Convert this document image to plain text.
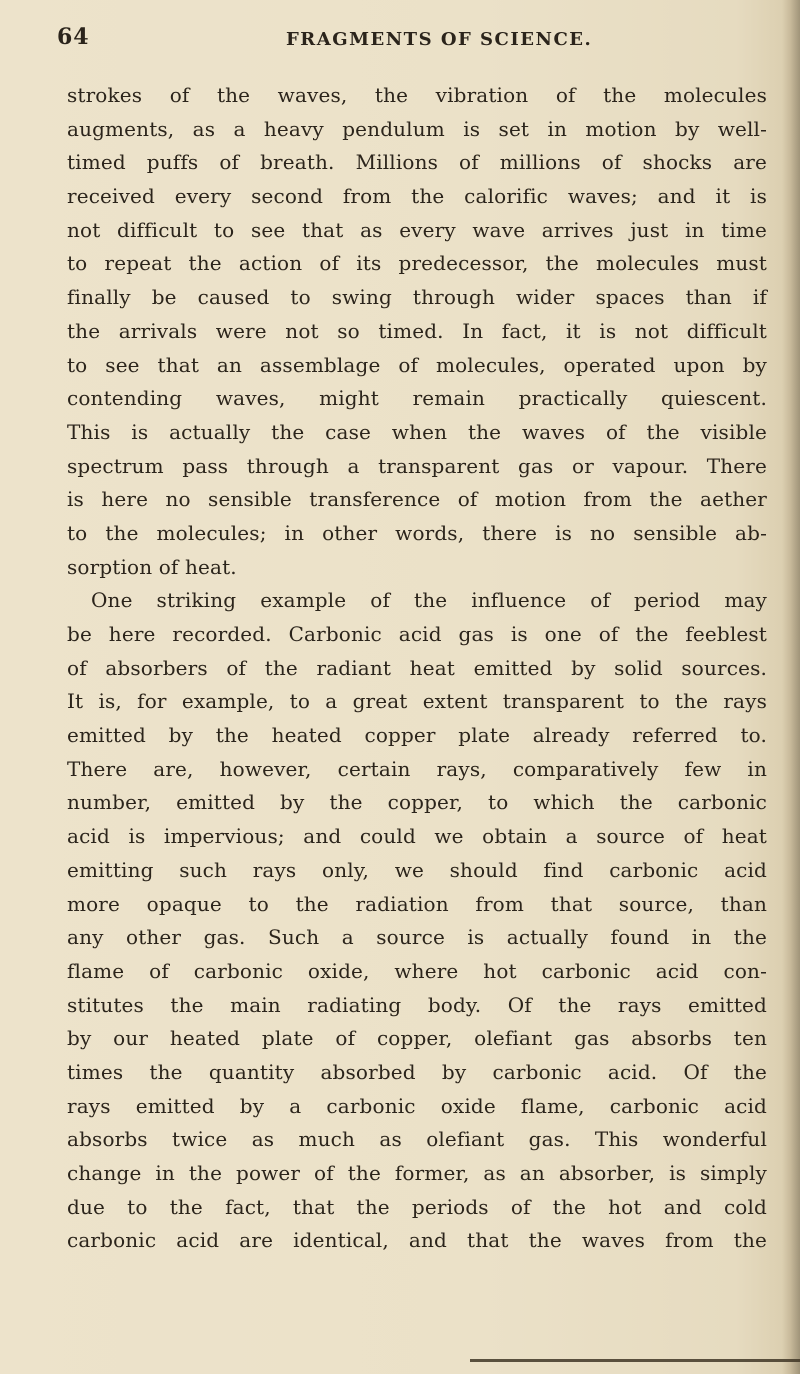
64	FRAGMENTS OF SCIENCE.
strokes of the waves, the vibration of the molecules
augments, as a heavy pendulum is set in motion by well-
timed puffs of breath. Millions of millions of shocks are
received every second from the calorific waves; and it is
not difficult to see that as every wave arrives just in time
to repeat the action of its predecessor, the molecules must
finally be caused to swing through wider spaces than if
the arrivals were not so timed. In fact, it is not difficult
to see that an assemblage of molecules, operated upon by
contending waves, might remain practically quiescent.
This is actually the case when the waves of the visible
spectrum pass through a transparent gas or vapour. There
is here no sensible transference of motion from the aether
to the molecules; in other words, there is no sensible ab-
sorption of heat.
One striking example of the influence of period may
be here recorded. Carbonic acid gas is one of the feeblest
of absorbers of the radiant heat emitted by solid sources.
It is, for example, to a great extent transparent to the rays
emitted by the heated copper plate already referred to.
There are, however, certain rays, comparatively few in
number, emitted by the copper, to which the carbonic
acid is impervious; and could we obtain a source of heat
emitting such rays only, we should find carbonic acid
more opaque to the radiation from that source, than
any other gas. Such a source is actually found in the
flame of carbonic oxide, where hot carbonic acid con-
stitutes the main radiating body. Of the rays emitted
by our heated plate of copper, olefiant gas absorbs ten
times the quantity absorbed by carbonic acid. Of the
rays emitted by a carbonic oxide flame, carbonic acid
absorbs twice as much as olefiant gas. This wonderful
change in the power of the former, as an absorber, is simply
due to the fact, that the periods of the hot and cold
carbonic acid are identical, and that the waves from the
